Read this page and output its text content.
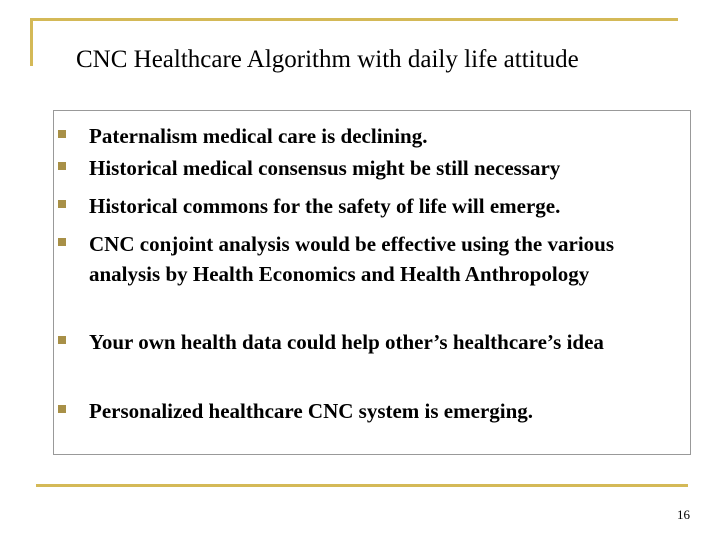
CNC Healthcare Algorithm with daily life attitude
Paternalism medical care is declining.
Historical medical consensus might be still necessary
Historical commons for the safety of life will emerge.
CNC conjoint analysis would be effective using the various analysis by Health Economics and Health Anthropology
Your own health data could help other’s healthcare’s idea
Personalized healthcare CNC system is emerging.
16
